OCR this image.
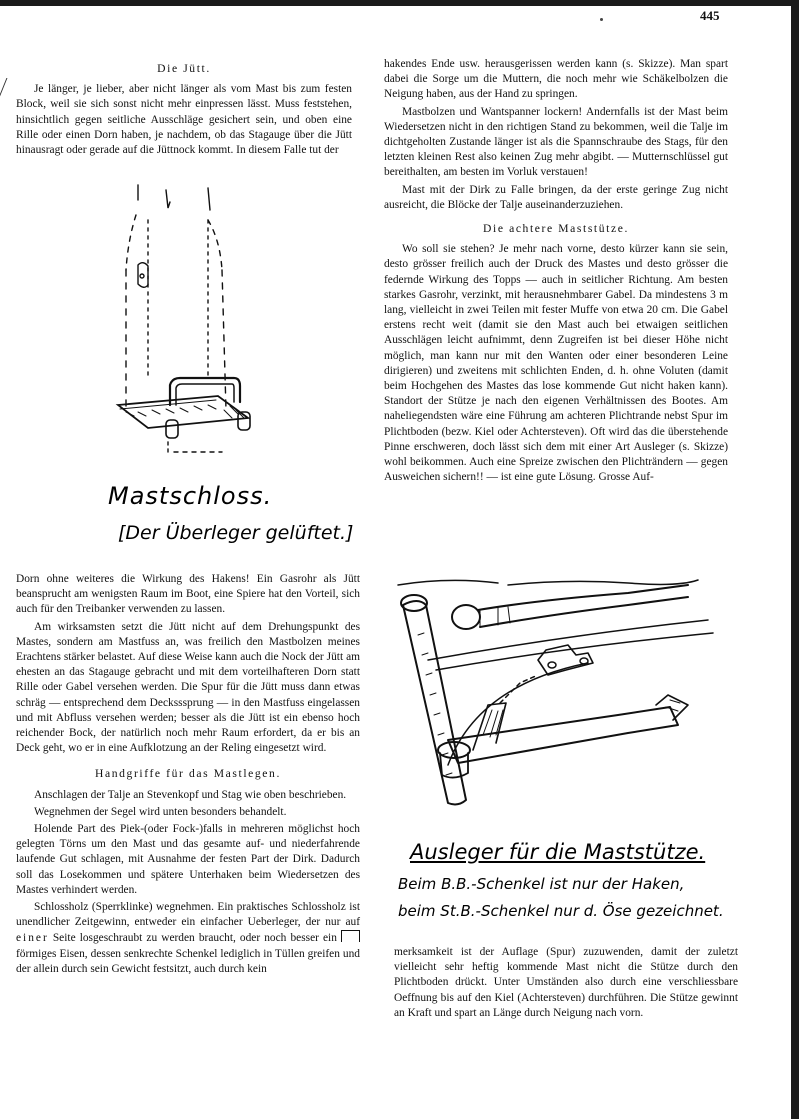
445
Die Jütt.

Je länger, je lieber, aber nicht länger als vom Mast bis zum festen Block, weil sie sich sonst nicht mehr einpressen lässt. Muss feststehen, hinsichtlich gegen seitliche Ausschläge gesichert sein, und oben eine Rille oder einen Dorn haben, je nachdem, ob das Stagauge über die Jütt hinausragt oder gerade auf die Jüttnock kommt. In diesem Falle tut der

Mastschloss.
[Der Überleger gelüftet.]

Dorn ohne weiteres die Wirkung des Hakens! Ein Gasrohr als Jütt beansprucht am wenigsten Raum im Boot, eine Spiere hat den Vorteil, sich auch für den Treibanker verwenden zu lassen.

Am wirksamsten setzt die Jütt nicht auf dem Drehungspunkt des Mastes, sondern am Mastfuss an, was freilich den Mastbolzen meines Erachtens stärker belastet. Auf diese Weise kann auch die Nock der Jütt am ehesten an das Stagauge gebracht und mit dem vorteilhafteren Dorn statt Rille oder Gabel versehen werden. Die Spur für die Jütt muss dann etwas schräg — entsprechend dem Decksssprung — in den Mastfuss eingelassen und mit Abfluss versehen werden; besser als die Jütt ist ein ebenso hoch reichender Bock, der natürlich noch mehr Raum erfordert, da er bis an Deck geht, wo er in eine Aufklotzung an der Reling eingesetzt wird.

Handgriffe für das Mastlegen.

Anschlagen der Talje an Stevenkopf und Stag wie oben beschrieben.

Wegnehmen der Segel wird unten besonders behandelt.

Holende Part des Piek-(oder Fock-)falls in mehreren möglichst hoch gelegten Törns um den Mast und das gesamte auf- und niederfahrende laufende Gut schlagen, mit Ausnahme der festen Part der Dirk. Dadurch soll das Losekommen und spätere Unterhaken beim Wiedersetzen des Mastes verhindert werden.

Schlossholz (Sperrklinke) wegnehmen. Ein praktisches Schlossholz ist unendlicher Zeitgewinn, entweder ein einfacher Ueberleger, der nur auf einer Seite losgeschraubt zu werden braucht, oder noch besser ein  förmiges Eisen, dessen senkrechte Schenkel lediglich in Tüllen greifen und der allein durch sein Gewicht festsitzt, auch durch kein

hakendes Ende usw. herausgerissen werden kann (s. Skizze). Man spart dabei die Sorge um die Muttern, die noch mehr wie Schäkelbolzen die Neigung haben, aus der Hand zu springen.

Mastbolzen und Wantspanner lockern! Andernfalls ist der Mast beim Wiedersetzen nicht in den richtigen Stand zu bekommen, weil die Talje im dichtgeholten Zustande länger ist als die Spannschraube des Stags, für den letzten kleinen Rest also keinen Zug mehr abgibt. — Mutternschlüssel gut bereithalten, am besten im Vorluk verstauen!

Mast mit der Dirk zu Falle bringen, da der erste geringe Zug nicht ausreicht, die Blöcke der Talje auseinanderzuziehen.

Die achtere Maststütze.

Wo soll sie stehen? Je mehr nach vorne, desto kürzer kann sie sein, desto grösser freilich auch der Druck des Mastes und desto grösser die federnde Wirkung des Topps — auch in seitlicher Richtung. Am besten starkes Gasrohr, verzinkt, mit herausnehmbarer Gabel. Da mindestens 3 m lang, vielleicht in zwei Teilen mit fester Muffe von etwa 20 cm. Die Gabel erstens recht weit (damit sie den Mast auch bei etwaigen seitlichen Ausschlägen leicht aufnimmt, denn Zugreifen ist bei dieser Höhe nicht möglich, man kann nur mit den Wanten oder einer besonderen Leine dirigieren) und zweitens mit schlichten Enden, d. h. ohne Voluten (damit beim Hochgehen des Mastes das lose kommende Gut nicht haken kann). Standort der Stütze je nach den eigenen Verhältnissen des Bootes. Am naheliegendsten wäre eine Führung am achteren Plichtrande nebst Spur im Plichtboden (bezw. Kiel oder Achtersteven). Oft wird das die überstehende Pinne erschweren, doch lässt sich dem mit einer Art Ausleger (s. Skizze) wohl beikommen. Auch eine Spreize zwischen den Plichträndern — gegen Ausweichen sichern!! — ist eine gute Lösung. Grosse Auf-

Ausleger für die Maststütze.
Beim B.B.-Schenkel ist nur der Haken,
beim St.B.-Schenkel nur d. Öse gezeichnet.

merksamkeit ist der Auflage (Spur) zuzuwenden, damit der zuletzt vielleicht sehr heftig kommende Mast nicht die Stütze durch den Plichtboden drückt. Unter Umständen also durch eine verschliessbare Oeffnung bis auf den Kiel (Achtersteven) durchführen. Die Stütze gewinnt an Kraft und spart an Länge durch Neigung nach vorn.
